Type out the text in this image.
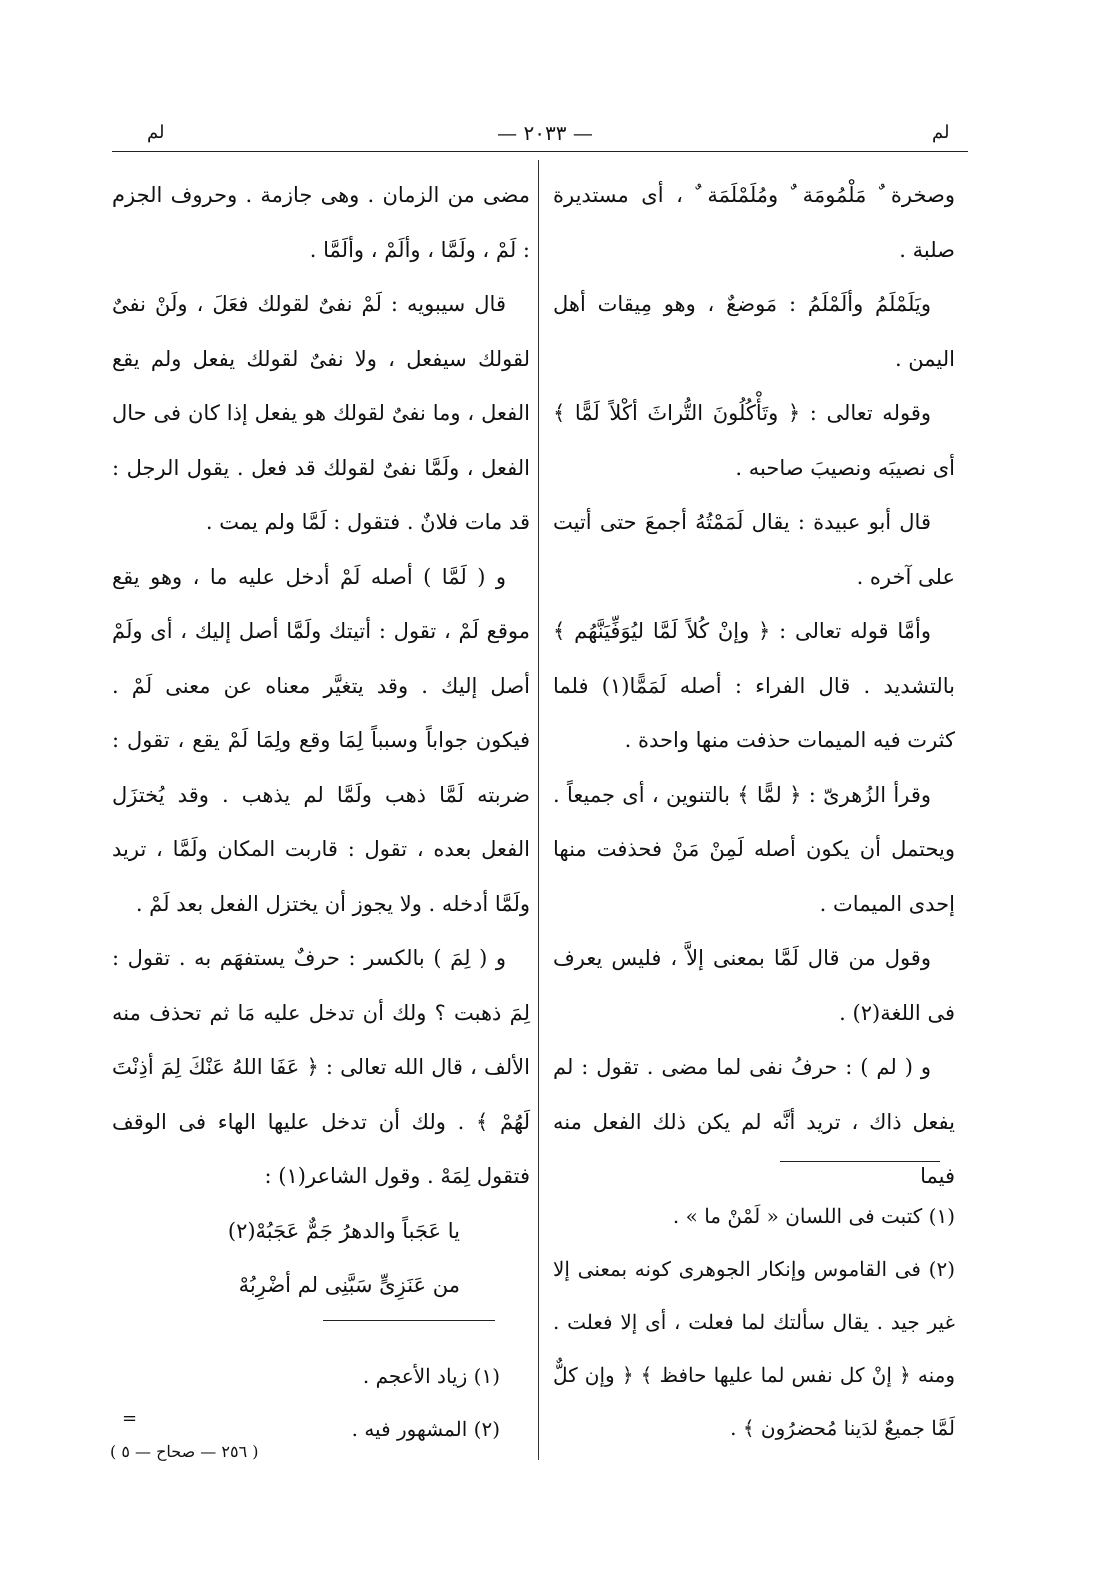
لم	— ٢٠٣٣ —	لم

وصخرة ٌ مَلْمُومَة ٌ ومُلَمْلَمَة ٌ ، أى مستديرة صلبة .

ويَلَمْلَمُ وألَمْلَمُ : مَوضعٌ ، وهو مِيقات أهل اليمن .

وقوله تعالى : ﴿ وتَأْكُلُونَ التُّراثَ أكْلاً لَمًّا ﴾ أى نصيبَه ونصيبَ صاحبه .

قال أبو عبيدة : يقال لَمَمْتُهُ أجمعَ حتى أتيت على آخره .

وأمَّا قوله تعالى : ﴿ وإنْ كُلاً لَمَّا ليُوَفِّيَنَّهُم ﴾ بالتشديد . قال الفراء : أصله لَمَمًّا(١) فلما كثرت فيه الميمات حذفت منها واحدة .

وقرأ الزُهرىّ : ﴿ لمًّا ﴾ بالتنوين ، أى جميعاً . ويحتمل أن يكون أصله لَمِنْ مَنْ فحذفت منها إحدى الميمات .

وقول من قال لَمَّا بمعنى إلاَّ ، فليس يعرف فى اللغة(٢) .

و ( لم ) : حرفُ نفى لما مضى . تقول : لم يفعل ذاك ، تريد أنَّه لم يكن ذلك الفعل منه فيما

مضى من الزمان . وهى جازمة . وحروف الجزم : لَمْ ، ولَمَّا ، وألَمْ ، وألَمَّا .

قال سيبويه : لَمْ نفىٌ لقولك فعَلَ ، ولَنْ نفىٌ لقولك سيفعل ، ولا نفىٌ لقولك يفعل ولم يقع الفعل ، وما نفىٌ لقولك هو يفعل إذا كان فى حال الفعل ، ولَمَّا نفىٌ لقولك قد فعل . يقول الرجل : قد مات فلانٌ . فتقول : لَمَّا ولم يمت .

و ( لَمَّا ) أصله لَمْ أدخل عليه ما ، وهو يقع موقع لَمْ ، تقول : أتيتك ولَمَّا أصل إليك ، أى ولَمْ أصل إليك . وقد يتغيَّر معناه عن معنى لَمْ . فيكون جواباً وسبباً لِمَا وقع ولِمَا لَمْ يقع ، تقول : ضربته لَمَّا ذهب ولَمَّا لم يذهب . وقد يُختزَل الفعل بعده ، تقول : قاربت المكان ولَمَّا ، تريد ولَمَّا أدخله . ولا يجوز أن يختزل الفعل بعد لَمْ .

و ( لِمَ ) بالكسر : حرفٌ يستفهَم به . تقول : لِمَ ذهبت ؟ ولك أن تدخل عليه مَا ثم تحذف منه الألف ، قال الله تعالى : ﴿ عَفَا اللهُ عَنْكَ لِمَ أذِنْتَ لَهُمْ ﴾ . ولك أن تدخل عليها الهاء فى الوقف فتقول لِمَهْ . وقول الشاعر(١) :

يا عَجَباً والدهرُ جَمٌّ عَجَبُهْ(٢)

من عَنَزِىٍّ سَبَّنِى لم أضْرِبُهْ

(١) كتبت فى اللسان « لَمْنْ ما » .

(٢) فى القاموس وإنكار الجوهرى كونه بمعنى إلا غير جيد . يقال سألتك لما فعلت ، أى إلا فعلت . ومنه ﴿ إنْ كل نفس لما عليها حافظ ﴾ ﴿ وإن كلٌّ لَمَّا جميعٌ لدَينا مُحضرُون ﴾ .

(١) زياد الأعجم .

(٢) المشهور فيه .

=
( ٢٥٦ — صحاح — ٥ )
